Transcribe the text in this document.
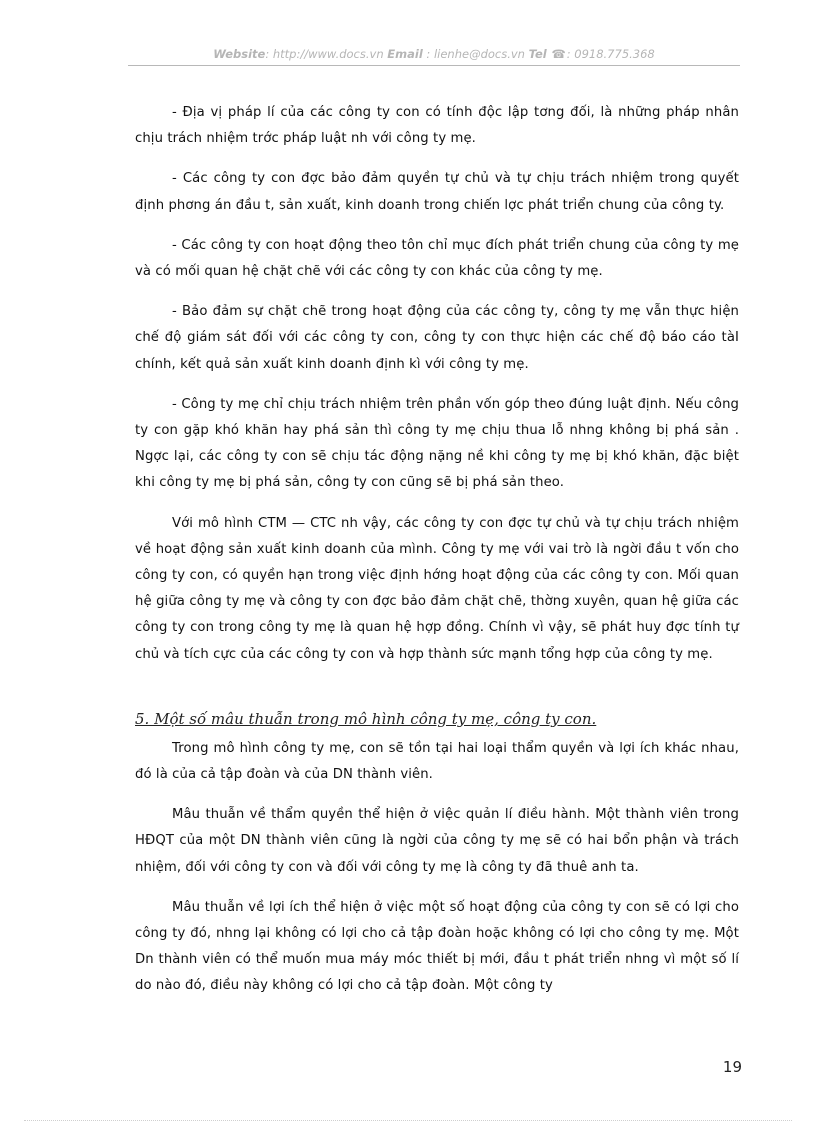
Website: http://www.docs.vn Email : lienhe@docs.vn Tel ☎: 0918.775.368

- Địa vị pháp lí của các công ty con có tính độc lập tơng đối, là những pháp nhân chịu trách nhiệm trớc pháp luật nh với công ty mẹ.

- Các công ty con đợc bảo đảm quyền tự chủ và tự chịu trách nhiệm trong quyết định phơng án đầu t, sản xuất, kinh doanh trong chiến lợc phát triển chung của công ty.

- Các công ty con hoạt động theo tôn chỉ mục đích phát triển chung của công ty mẹ và có mối quan hệ chặt chẽ với các công ty con khác của công ty mẹ.

- Bảo đảm sự chặt chẽ trong hoạt động của các công ty, công ty mẹ vẫn thực hiện chế độ giám sát đối với các công ty con, công ty con thực hiện các chế độ báo cáo tàI chính, kết quả sản xuất kinh doanh định kì với công ty mẹ.

- Công ty mẹ chỉ chịu trách nhiệm trên phần vốn góp theo đúng luật định. Nếu công ty con gặp khó khăn hay phá sản thì công ty mẹ chịu thua lỗ nhng không bị phá sản . Ngợc lại, các công ty con sẽ chịu tác động nặng nề khi công ty mẹ bị khó khăn, đặc biệt khi công ty mẹ bị phá sản, công ty con cũng sẽ bị phá sản theo.

Với mô hình CTM — CTC nh vậy, các công ty con đợc tự chủ và tự chịu trách nhiệm về hoạt động sản xuất kinh doanh của mình. Công ty mẹ với vai trò là ngời đầu t vốn cho công ty con, có quyền hạn trong việc định hớng hoạt động của các công ty con. Mối quan hệ giữa công ty mẹ và công ty con đợc bảo đảm chặt chẽ, thờng xuyên, quan hệ giữa các công ty con trong công ty mẹ là quan hệ hợp đồng. Chính vì vậy, sẽ phát huy đợc tính tự chủ và tích cực của các công ty con và hợp thành sức mạnh tổng hợp của công ty mẹ.

5. Một số mâu thuẫn trong mô hình công ty mẹ, công ty con.

Trong mô hình công ty mẹ, con sẽ tồn tại hai loại thẩm quyền và lợi ích khác nhau, đó là của cả tập đoàn và của DN thành viên.

Mâu thuẫn về thẩm quyền thể hiện ở việc quản lí điều hành. Một thành viên trong HĐQT của một DN thành viên cũng là ngời của công ty mẹ sẽ có hai bổn phận và trách nhiệm, đối với công ty con và đối với công ty mẹ là công ty đã thuê anh ta.

Mâu thuẫn về lợi ích thể hiện ở việc một số hoạt động của công ty con sẽ có lợi cho công ty đó, nhng lại không có lợi cho cả tập đoàn hoặc không có lợi cho công ty mẹ. Một Dn thành viên có thể muốn mua máy móc thiết bị mới, đầu t phát triển nhng vì một số lí do nào đó, điều này không có lợi cho cả tập đoàn. Một công ty

19
